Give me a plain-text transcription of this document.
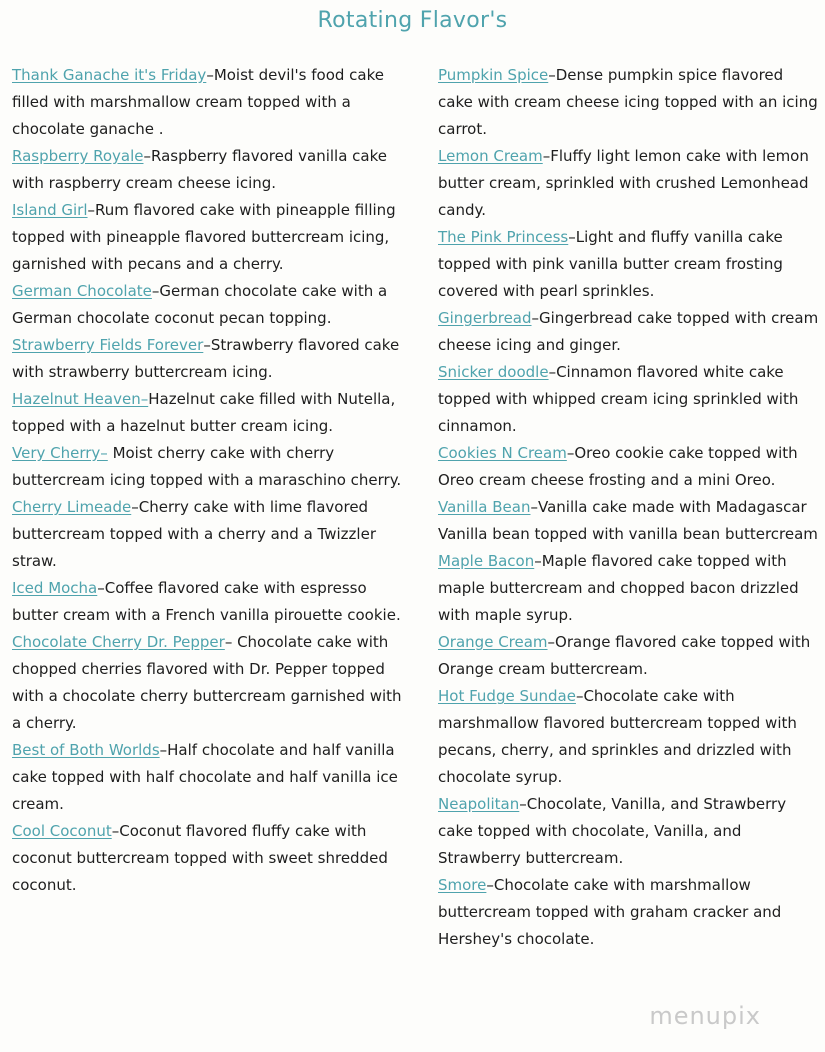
Rotating Flavor's

Thank Ganache it's Friday–Moist devil's food cake filled with marshmallow cream topped with a chocolate ganache .

Raspberry Royale–Raspberry flavored vanilla cake with raspberry cream cheese icing.

Island Girl–Rum flavored cake with pineapple filling topped with pineapple flavored buttercream icing, garnished with pecans and a cherry.

German Chocolate–German chocolate cake with a German chocolate coconut pecan topping.

Strawberry Fields Forever–Strawberry flavored cake with strawberry buttercream icing.

Hazelnut Heaven–Hazelnut cake filled with Nutella, topped with a hazelnut butter cream icing.

Very Cherry– Moist cherry cake with cherry buttercream icing topped with a maraschino cherry.

Cherry Limeade–Cherry cake with lime flavored buttercream topped with a cherry and a Twizzler straw.

Iced Mocha–Coffee flavored cake with espresso butter cream with a French vanilla pirouette cookie.

Chocolate Cherry Dr. Pepper– Chocolate cake with chopped cherries flavored with Dr. Pepper topped with a chocolate cherry buttercream garnished with a cherry.

Best of Both Worlds–Half chocolate and half vanilla cake topped with half chocolate and half vanilla ice cream.

Cool Coconut–Coconut flavored fluffy cake with coconut buttercream topped with sweet shredded coconut.

Pumpkin Spice–Dense pumpkin spice flavored cake with cream cheese icing topped with an icing carrot.

Lemon Cream–Fluffy light lemon cake with lemon butter cream, sprinkled with crushed Lemonhead candy.

The Pink Princess–Light and fluffy vanilla cake topped with pink vanilla butter cream frosting covered with pearl sprinkles.

Gingerbread–Gingerbread cake topped with cream cheese icing and ginger.

Snicker doodle–Cinnamon flavored white cake topped with whipped cream icing sprinkled with cinnamon.

Cookies N Cream–Oreo cookie cake topped with Oreo cream cheese frosting and a mini Oreo.

Vanilla Bean–Vanilla cake made with Madagascar Vanilla bean topped with vanilla bean buttercream

Maple Bacon–Maple flavored cake topped with maple buttercream and chopped bacon drizzled with maple syrup.

Orange Cream–Orange flavored cake topped with Orange cream buttercream.

Hot Fudge Sundae–Chocolate cake with marshmallow flavored buttercream topped with pecans, cherry, and sprinkles and drizzled with chocolate syrup.

Neapolitan–Chocolate, Vanilla, and Strawberry cake topped with chocolate, Vanilla, and Strawberry buttercream.

Smore–Chocolate cake with marshmallow buttercream topped with graham cracker and Hershey's chocolate.

menupix
